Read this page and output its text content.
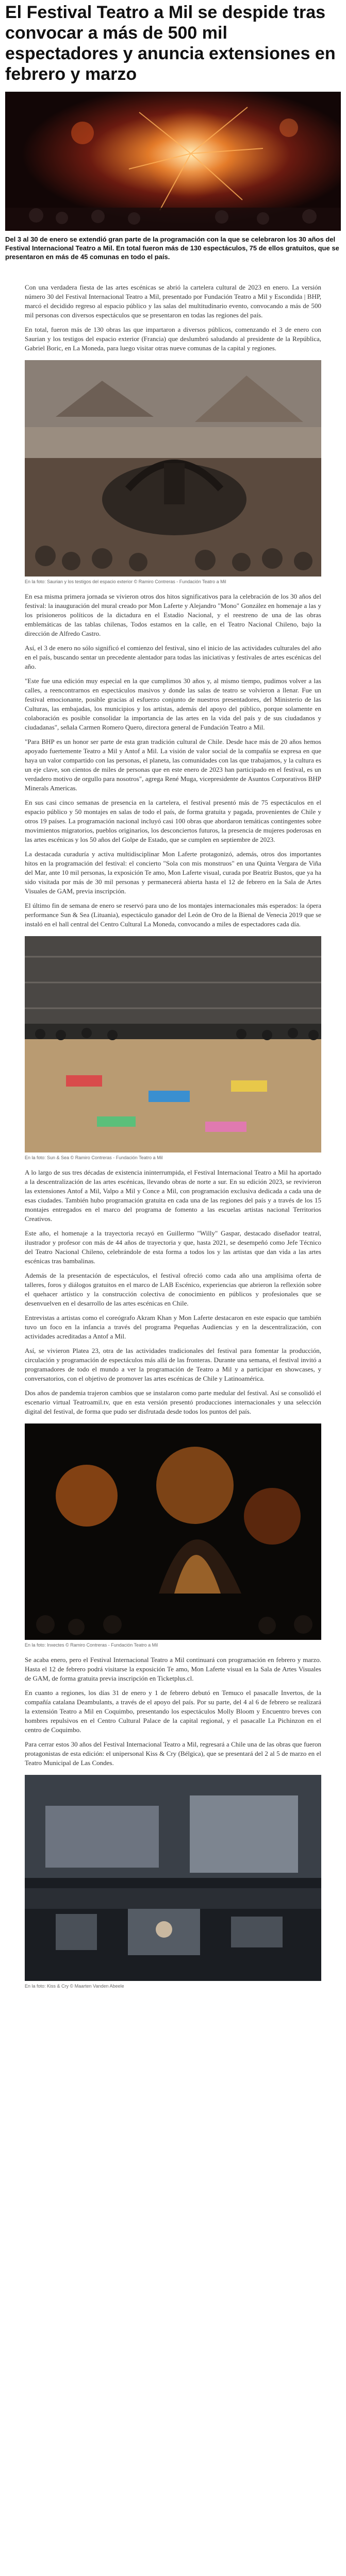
El Festival Teatro a Mil se despide tras convocar a más de 500 mil espectadores y anuncia extensiones en febrero y marzo
Del 3 al 30 de enero se extendió gran parte de la programación con la que se celebraron los 30 años del Festival Internacional Teatro a Mil. En total fueron más de 130 espectáculos, 75 de ellos gratuitos, que se presentaron en más de 45 comunas en todo el país.

Con una verdadera fiesta de las artes escénicas se abrió la cartelera cultural de 2023 en enero. La versión número 30 del Festival Internacional Teatro a Mil, presentado por Fundación Teatro a Mil y Escondida | BHP, marcó el decidido regreso al espacio público y las salas del multitudinario evento, convocando a más de 500 mil personas con diversos espectáculos que se presentaron en todas las regiones del país.

En total, fueron más de 130 obras las que impartaron a diversos públicos, comenzando el 3 de enero con Saurian y los testigos del espacio exterior (Francia) que deslumbró saludando al presidente de la República, Gabriel Boric, en La Moneda, para luego visitar otras nueve comunas de la capital y regiones.

En la foto: Saurian y los testigos del espacio exterior © Ramiro Contreras - Fundación Teatro a Mil

En esa misma primera jornada se vivieron otros dos hitos significativos para la celebración de los 30 años del festival: la inauguración del mural creado por Mon Laferte y Alejandro "Mono" González en homenaje a las y los prisioneros políticos de la dictadura en el Estadio Nacional, y el reestreno de una de las obras emblemáticas de las tablas chilenas, Todos estamos en la calle, en el Teatro Nacional Chileno, bajo la dirección de Alfredo Castro.

Así, el 3 de enero no sólo significó el comienzo del festival, sino el inicio de las actividades culturales del año en el país, buscando sentar un precedente alentador para todas las iniciativas y festivales de artes escénicas del año.

"Este fue una edición muy especial en la que cumplimos 30 años y, al mismo tiempo, pudimos volver a las calles, a reencontrarnos en espectáculos masivos y donde las salas de teatro se volvieron a llenar. Fue un festival emocionante, posible gracias al esfuerzo conjunto de nuestros presentadores, del Ministerio de las Culturas, las embajadas, los municipios y los artistas, además del apoyo del público, porque solamente en colaboración es posible consolidar la importancia de las artes en la vida del país y de sus ciudadanos y ciudadanas", señala Carmen Romero Quero, directora general de Fundación Teatro a Mil.

"Para BHP es un honor ser parte de esta gran tradición cultural de Chile. Desde hace más de 20 años hemos apoyado fuertemente Teatro a Mil y Antof a Mil. La visión de valor social de la compañía se expresa en que haya un valor compartido con las personas, el planeta, las comunidades con las que trabajamos, y la cultura es un eje clave, son cientos de miles de personas que en este enero de 2023 han participado en el festival, es un verdadero motivo de orgullo para nosotros", agrega René Muga, vicepresidente de Asuntos Corporativos BHP Minerals Americas.

En sus casi cinco semanas de presencia en la cartelera, el festival presentó más de 75 espectáculos en el espacio público y 50 montajes en salas de todo el país, de forma gratuita y pagada, provenientes de Chile y otros 19 países. La programación nacional incluyó casi 100 obras que abordaron temáticas contingentes sobre movimientos migratorios, pueblos originarios, los desconciertos futuros, la presencia de mujeres poderosas en las artes escénicas y los 50 años del Golpe de Estado, que se cumplen en septiembre de 2023.

La destacada curaduría y activa multidisciplinar Mon Laferte protagonizó, además, otros dos importantes hitos en la programación del festival: el concierto "Sola con mis monstruos" en una Quinta Vergara de Viña del Mar, ante 10 mil personas, la exposición Te amo, Mon Laferte visual, curada por Beatriz Bustos, que ya ha sido visitada por más de 30 mil personas y permanecerá abierta hasta el 12 de febrero en la Sala de Artes Visuales de GAM, previa inscripción.

El último fin de semana de enero se reservó para uno de los montajes internacionales más esperados: la ópera performance Sun & Sea (Lituania), espectáculo ganador del León de Oro de la Bienal de Venecia 2019 que se instaló en el hall central del Centro Cultural La Moneda, convocando a miles de espectadores cada día.

En la foto: Sun & Sea © Ramiro Contreras - Fundación Teatro a Mil

A lo largo de sus tres décadas de existencia ininterrumpida, el Festival Internacional Teatro a Mil ha aportado a la descentralización de las artes escénicas, llevando obras de norte a sur. En su edición 2023, se revivieron las extensiones Antof a Mil, Valpo a Mil y Conce a Mil, con programación exclusiva dedicada a cada una de esas ciudades. También hubo programación gratuita en cada una de las regiones del país y a través de los 15 montajes entregados en el marco del programa de fomento a las escuelas artistas nacional Territorios Creativos.

Este año, el homenaje a la trayectoria recayó en Guillermo "Willy" Gaspar, destacado diseñador teatral, ilustrador y profesor con más de 44 años de trayectoria y que, hasta 2021, se desempeñó como Jefe Técnico del Teatro Nacional Chileno, celebrándole de esta forma a todos los y las artistas que dan vida a las artes escénicas tras bambalinas.

Además de la presentación de espectáculos, el festival ofreció como cada año una amplísima oferta de talleres, foros y diálogos gratuitos en el marco de LAB Escénico, experiencias que abrieron la reflexión sobre el quehacer artístico y la construcción colectiva de conocimiento en públicos y profesionales que se desenvuelven en el desarrollo de las artes escénicas en Chile.

Entrevistas a artistas como el coreógrafo Akram Khan y Mon Laferte destacaron en este espacio que también tuvo un foco en la infancia a través del programa Pequeñas Audiencias y en la descentralización, con actividades acreditadas a Antof a Mil.

Así, se vivieron Platea 23, otra de las actividades tradicionales del festival para fomentar la producción, circulación y programación de espectáculos más allá de las fronteras. Durante una semana, el festival invitó a programadores de todo el mundo a ver la programación de Teatro a Mil y a participar en showcases, y conversatorios, con el objetivo de promover las artes escénicas de Chile y Latinoamérica.

Dos años de pandemia trajeron cambios que se instalaron como parte medular del festival. Así se consolidó el escenario virtual Teatroamil.tv, que en esta versión presentó producciones internacionales y una selección digital del festival, de forma que pudo ser disfrutada desde todos los puntos del país.

En la foto: Inxectes © Ramiro Contreras - Fundación Teatro a Mil

Se acaba enero, pero el Festival Internacional Teatro a Mil continuará con programación en febrero y marzo. Hasta el 12 de febrero podrá visitarse la exposición Te amo, Mon Laferte visual en la Sala de Artes Visuales de GAM, de forma gratuita previa inscripción en Ticketplus.cl.

En cuanto a regiones, los días 31 de enero y 1 de febrero debutó en Temuco el pasacalle Invertos, de la compañía catalana Deambulants, a través de el apoyo del país. Por su parte, del 4 al 6 de febrero se realizará la extensión Teatro a Mil en Coquimbo, presentando los espectáculos Molly Bloom y Encuentro breves con hombres repulsivos en el Centro Cultural Palace de la capital regional, y el pasacalle La Pichinzon en el centro de Coquimbo.

Para cerrar estos 30 años del Festival Internacional Teatro a Mil, regresará a Chile una de las obras que fueron protagonistas de esta edición: el unipersonal Kiss & Cry (Bélgica), que se presentará del 2 al 5 de marzo en el Teatro Municipal de Las Condes.

En la foto: Kiss & Cry © Maarten Vanden Abeele
